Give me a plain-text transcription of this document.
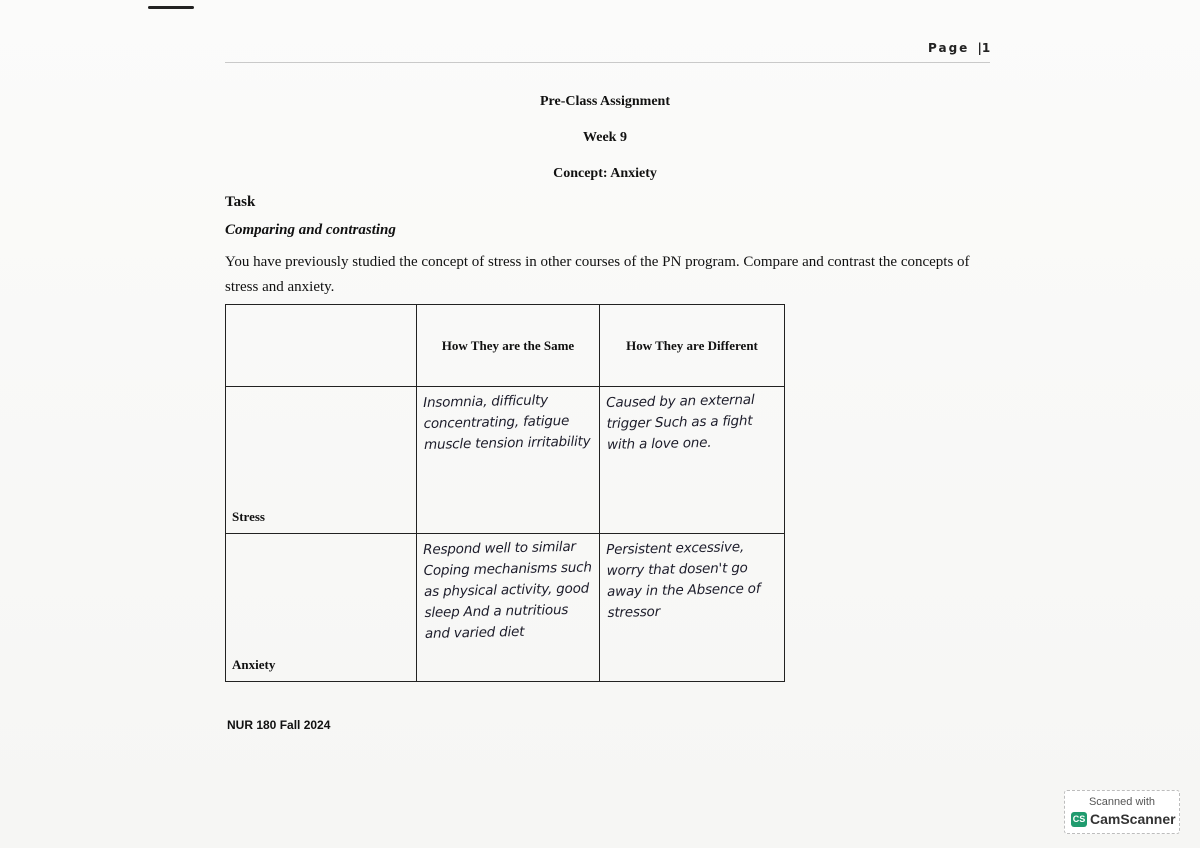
Page |1
Pre-Class Assignment
Week 9
Concept: Anxiety
Task
Comparing and contrasting
You have previously studied the concept of stress in other courses of the PN program. Compare and contrast the concepts of stress and anxiety.
	How They are the Same	How They are Different
Stress	Insomnia, difficulty concentrating, fatigue muscle tension irritability	Caused by an external trigger Such as a fight with a love one.

Anxiety	Respond well to similar Coping mechanisms such as physical activity, good sleep And a nutritious and varied diet	Persistent excessive, worry that dosen't go away in the Absence of stressor
NUR 180 Fall 2024
Scanned with
CS CamScanner
